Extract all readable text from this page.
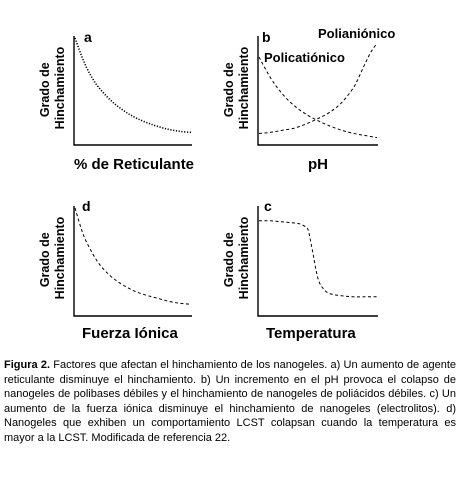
a
% de Reticulante
Grado de Hinchamiento
b
pH
Grado de Hinchamiento
Polianiónico
Policatiónico
d
Fuerza Iónica
Grado de Hinchamiento
c
Temperatura
Grado de Hinchamiento
Figura 2. Factores que afectan el hinchamiento de los nanogeles. a) Un aumento de agente reticulante disminuye el hinchamiento. b) Un incremento en el pH provoca el colapso de nanogeles de polibases débiles y el hinchamiento de nanogeles de poliácidos débiles. c) Un aumento de la fuerza iónica disminuye el hinchamiento de nanogeles (electrolitos). d) Nanogeles que exhiben un comportamiento LCST colapsan cuando la temperatura es mayor a la LCST. Modificada de referencia 22.
